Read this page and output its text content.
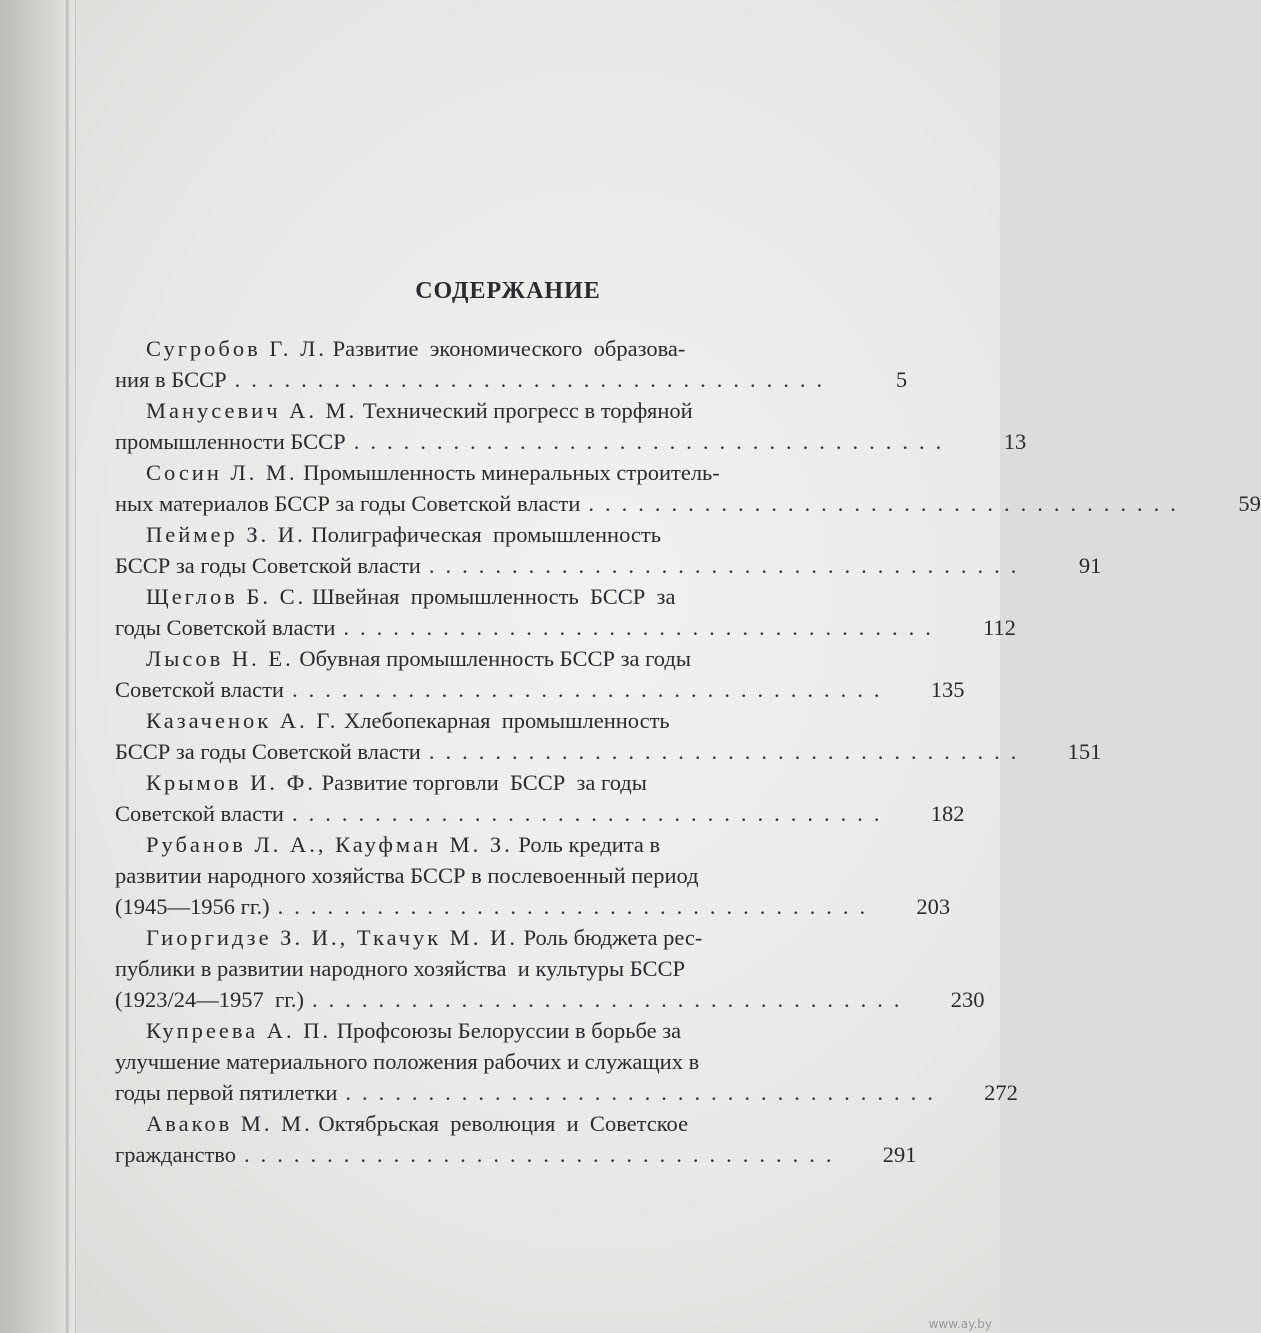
СОДЕРЖАНИЕ
Сугробов Г. Л.
Развитие  экономического  образова-
ния в БССР ....................................	5
Манусевич А. М.
Технический прогресс в торфяной
промышленности БССР ....................................	13
Сосин Л. М.
Промышленность минеральных строитель-
ных материалов БССР за годы Советской власти ....................................	59
Пеймер З. И.
Полиграфическая  промышленность
БССР за годы Советской власти ....................................	91
Щеглов Б. С.
Швейная  промышленность  БССР  за
годы Советской власти ....................................	112
Лысов Н. Е.
Обувная промышленность БССР за годы
Советской власти ....................................	135
Казаченок А. Г.
Хлебопекарная  промышленность
БССР за годы Советской власти ....................................	151
Крымов И. Ф.
Развитие торговли  БССР  за годы
Советской власти ....................................	182
Рубанов Л. А., Кауфман М. З.
Роль кредита в
развитии народного хозяйства БССР в послевоенный период
(1945—1956 гг.) ....................................	203
Гиоргидзе З. И., Ткачук М. И.
Роль бюджета рес-
публики в развитии народного хозяйства  и культуры БССР
(1923/24—1957  гг.) ....................................	230
Купреева А. П.
Профсоюзы Белоруссии в борьбе за
улучшение материального положения рабочих и служащих в
годы первой пятилетки ....................................	272
Аваков М. М.
Октябрьская  революция  и  Советское
гражданство ....................................	291
www.ay.by
